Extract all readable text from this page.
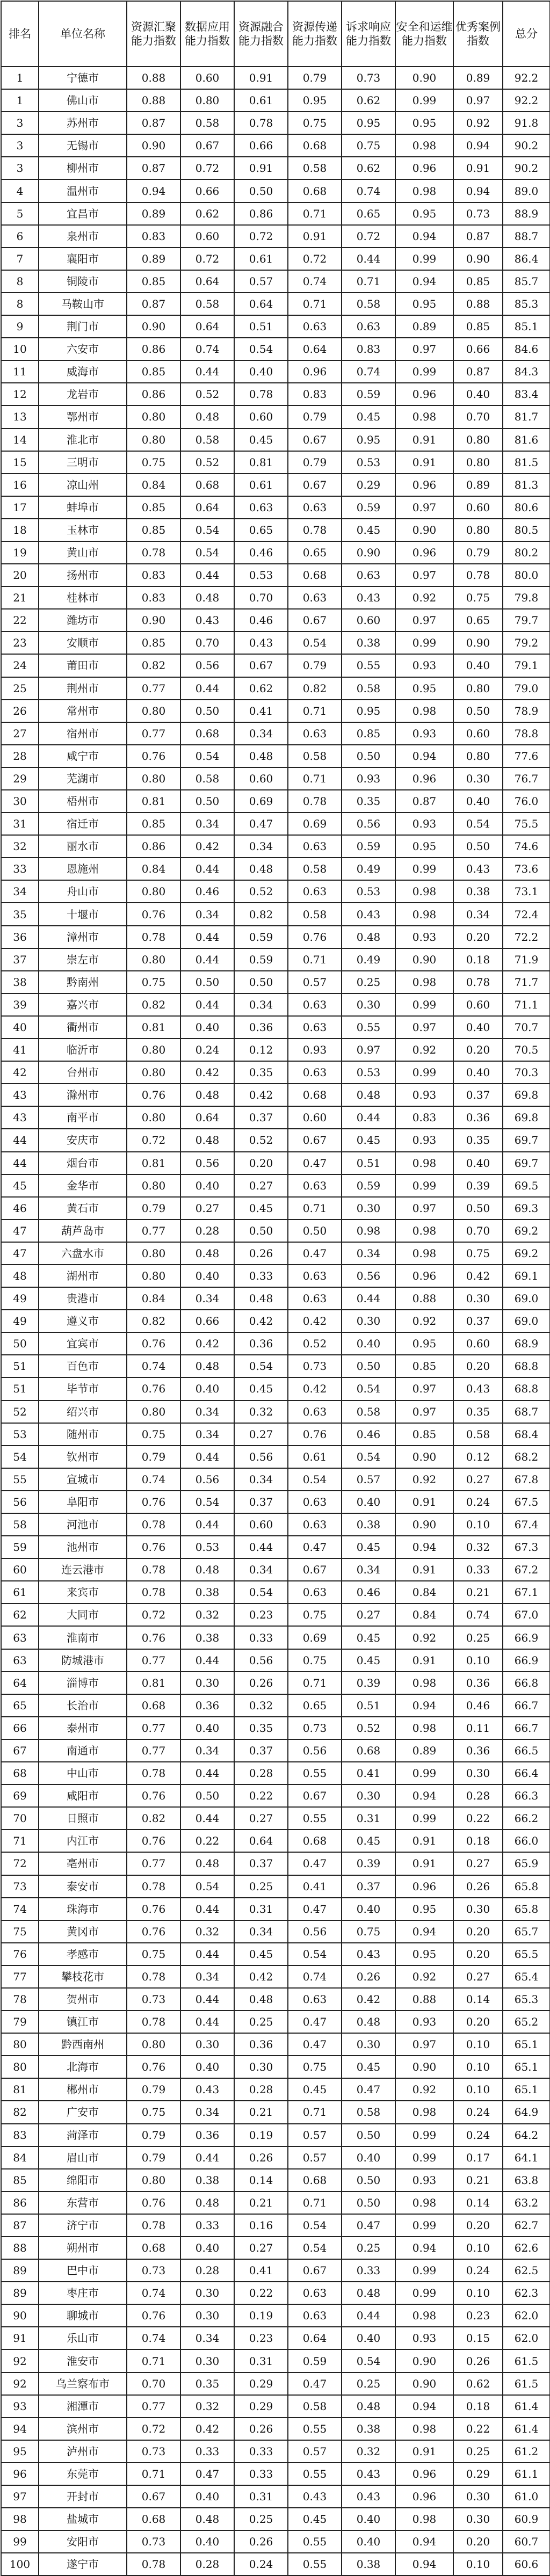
排名	单位名称	资源汇聚能力指数	数据应用能力指数	资源融合能力指数	资源传递能力指数	诉求响应能力指数	安全和运维能力指数	优秀案例指数	总分
1	宁德市	0.88	0.60	0.91	0.79	0.73	0.90	0.89	92.2
1	佛山市	0.88	0.80	0.61	0.95	0.62	0.99	0.97	92.2
3	苏州市	0.87	0.58	0.78	0.75	0.95	0.95	0.92	91.8
3	无锡市	0.90	0.67	0.66	0.68	0.75	0.98	0.94	90.2
3	柳州市	0.87	0.72	0.91	0.58	0.62	0.96	0.91	90.2
4	温州市	0.94	0.66	0.50	0.68	0.74	0.98	0.94	89.0
5	宜昌市	0.89	0.62	0.86	0.71	0.65	0.95	0.73	88.9
6	泉州市	0.83	0.60	0.72	0.91	0.72	0.94	0.87	88.7
7	襄阳市	0.89	0.72	0.61	0.72	0.44	0.99	0.90	86.4
8	铜陵市	0.85	0.64	0.57	0.74	0.71	0.94	0.85	85.7
8	马鞍山市	0.87	0.58	0.64	0.71	0.58	0.95	0.88	85.3
9	荆门市	0.90	0.64	0.51	0.63	0.63	0.89	0.85	85.1
10	六安市	0.86	0.74	0.54	0.64	0.83	0.97	0.66	84.6
11	威海市	0.85	0.44	0.40	0.96	0.74	0.99	0.87	84.3
12	龙岩市	0.86	0.52	0.78	0.83	0.59	0.96	0.40	83.4
13	鄂州市	0.80	0.48	0.60	0.79	0.45	0.98	0.70	81.7
14	淮北市	0.80	0.58	0.45	0.67	0.95	0.91	0.80	81.6
15	三明市	0.75	0.52	0.81	0.79	0.53	0.91	0.80	81.5
16	凉山州	0.84	0.68	0.61	0.67	0.29	0.96	0.89	81.3
17	蚌埠市	0.85	0.64	0.63	0.63	0.59	0.97	0.60	80.6
18	玉林市	0.85	0.54	0.65	0.78	0.45	0.90	0.80	80.5
19	黄山市	0.78	0.54	0.46	0.65	0.90	0.96	0.79	80.2
20	扬州市	0.83	0.44	0.53	0.68	0.63	0.97	0.78	80.0
21	桂林市	0.83	0.48	0.70	0.63	0.43	0.92	0.75	79.8
22	潍坊市	0.90	0.43	0.46	0.67	0.60	0.97	0.65	79.7
23	安顺市	0.85	0.70	0.43	0.54	0.38	0.99	0.90	79.2
24	莆田市	0.82	0.56	0.67	0.79	0.55	0.93	0.40	79.1
25	荆州市	0.77	0.44	0.62	0.82	0.58	0.95	0.80	79.0
26	常州市	0.80	0.50	0.41	0.71	0.95	0.98	0.50	78.9
27	宿州市	0.77	0.68	0.34	0.63	0.85	0.93	0.60	78.8
28	咸宁市	0.76	0.54	0.48	0.58	0.50	0.94	0.80	77.6
29	芜湖市	0.80	0.58	0.60	0.71	0.93	0.96	0.30	76.7
30	梧州市	0.81	0.50	0.69	0.78	0.35	0.87	0.40	76.0
31	宿迁市	0.85	0.34	0.47	0.69	0.56	0.93	0.54	75.5
32	丽水市	0.86	0.42	0.34	0.63	0.59	0.95	0.50	74.6
33	恩施州	0.84	0.44	0.48	0.58	0.49	0.99	0.43	73.6
34	舟山市	0.80	0.46	0.52	0.63	0.53	0.98	0.38	73.1
35	十堰市	0.76	0.34	0.82	0.58	0.43	0.98	0.34	72.4
36	漳州市	0.78	0.44	0.59	0.76	0.48	0.93	0.20	72.2
37	崇左市	0.80	0.44	0.59	0.71	0.49	0.90	0.18	71.9
38	黔南州	0.75	0.50	0.50	0.57	0.25	0.98	0.78	71.7
39	嘉兴市	0.82	0.44	0.34	0.63	0.30	0.99	0.60	71.1
40	衢州市	0.81	0.40	0.36	0.63	0.55	0.97	0.40	70.7
41	临沂市	0.80	0.24	0.12	0.93	0.97	0.92	0.20	70.5
42	台州市	0.80	0.42	0.35	0.63	0.53	0.99	0.40	70.3
43	滁州市	0.76	0.48	0.42	0.68	0.48	0.93	0.37	69.8
43	南平市	0.80	0.64	0.37	0.60	0.44	0.83	0.36	69.8
44	安庆市	0.72	0.48	0.52	0.67	0.45	0.93	0.35	69.7
44	烟台市	0.81	0.56	0.20	0.47	0.51	0.98	0.40	69.7
45	金华市	0.80	0.40	0.27	0.63	0.59	0.99	0.39	69.5
46	黄石市	0.79	0.27	0.45	0.71	0.30	0.97	0.50	69.3
47	葫芦岛市	0.77	0.28	0.50	0.50	0.98	0.98	0.70	69.2
47	六盘水市	0.80	0.48	0.26	0.47	0.34	0.98	0.75	69.2
48	湖州市	0.80	0.40	0.33	0.63	0.56	0.96	0.42	69.1
49	贵港市	0.84	0.34	0.48	0.63	0.44	0.88	0.30	69.0
49	遵义市	0.82	0.66	0.42	0.42	0.30	0.92	0.37	69.0
50	宜宾市	0.76	0.42	0.36	0.52	0.40	0.95	0.60	68.9
51	百色市	0.74	0.48	0.54	0.73	0.50	0.85	0.20	68.8
51	毕节市	0.76	0.40	0.45	0.42	0.54	0.97	0.43	68.8
52	绍兴市	0.80	0.34	0.32	0.63	0.58	0.97	0.35	68.7
53	随州市	0.75	0.34	0.27	0.76	0.46	0.85	0.58	68.4
54	钦州市	0.79	0.44	0.56	0.61	0.54	0.90	0.12	68.2
55	宣城市	0.74	0.56	0.34	0.54	0.57	0.92	0.27	67.8
56	阜阳市	0.76	0.54	0.37	0.63	0.40	0.91	0.24	67.5
58	河池市	0.78	0.44	0.60	0.63	0.38	0.90	0.10	67.4
59	池州市	0.76	0.53	0.44	0.47	0.45	0.94	0.32	67.3
60	连云港市	0.78	0.48	0.34	0.67	0.34	0.91	0.33	67.2
61	来宾市	0.78	0.38	0.54	0.63	0.46	0.84	0.21	67.1
62	大同市	0.72	0.32	0.23	0.75	0.27	0.84	0.74	67.0
63	淮南市	0.76	0.38	0.33	0.69	0.45	0.92	0.25	66.9
63	防城港市	0.77	0.44	0.56	0.75	0.45	0.91	0.10	66.9
64	淄博市	0.81	0.30	0.26	0.71	0.39	0.98	0.36	66.8
65	长治市	0.68	0.36	0.32	0.65	0.51	0.94	0.46	66.7
66	泰州市	0.77	0.40	0.35	0.73	0.52	0.98	0.11	66.7
67	南通市	0.77	0.34	0.37	0.56	0.68	0.89	0.36	66.5
68	中山市	0.78	0.44	0.28	0.55	0.41	0.99	0.30	66.4
69	咸阳市	0.76	0.50	0.22	0.67	0.30	0.94	0.28	66.3
70	日照市	0.82	0.44	0.27	0.55	0.31	0.99	0.22	66.2
71	内江市	0.76	0.22	0.64	0.68	0.45	0.91	0.18	66.0
72	亳州市	0.77	0.48	0.37	0.47	0.39	0.91	0.27	65.9
73	泰安市	0.78	0.54	0.25	0.41	0.37	0.96	0.26	65.8
74	珠海市	0.76	0.44	0.31	0.47	0.40	0.95	0.30	65.8
75	黄冈市	0.76	0.32	0.34	0.56	0.75	0.94	0.20	65.7
76	孝感市	0.75	0.44	0.45	0.54	0.43	0.95	0.20	65.5
77	攀枝花市	0.78	0.34	0.42	0.74	0.26	0.92	0.27	65.4
78	贺州市	0.73	0.44	0.48	0.63	0.42	0.88	0.14	65.3
79	镇江市	0.78	0.44	0.25	0.47	0.48	0.93	0.20	65.2
80	黔西南州	0.80	0.30	0.36	0.47	0.30	0.97	0.10	65.1
80	北海市	0.76	0.40	0.30	0.75	0.45	0.90	0.10	65.1
81	郴州市	0.79	0.43	0.28	0.45	0.47	0.92	0.10	65.1
82	广安市	0.75	0.34	0.21	0.71	0.58	0.98	0.24	64.9
83	菏泽市	0.79	0.36	0.19	0.57	0.50	0.99	0.24	64.2
84	眉山市	0.79	0.44	0.26	0.57	0.40	0.99	0.17	64.1
85	绵阳市	0.80	0.38	0.14	0.68	0.50	0.93	0.21	63.8
86	东营市	0.76	0.48	0.21	0.71	0.50	0.98	0.14	63.2
87	济宁市	0.78	0.33	0.16	0.54	0.47	0.99	0.20	62.7
88	朔州市	0.68	0.40	0.27	0.54	0.25	0.94	0.10	62.6
89	巴中市	0.73	0.28	0.41	0.67	0.33	0.99	0.24	62.5
89	枣庄市	0.74	0.30	0.22	0.63	0.48	0.99	0.10	62.3
90	聊城市	0.76	0.30	0.19	0.63	0.44	0.98	0.23	62.0
91	乐山市	0.74	0.34	0.23	0.64	0.40	0.93	0.15	62.0
92	淮安市	0.71	0.30	0.31	0.59	0.54	0.90	0.26	61.5
92	乌兰察布市	0.70	0.35	0.29	0.47	0.25	0.90	0.62	61.5
93	湘潭市	0.77	0.32	0.29	0.58	0.48	0.94	0.18	61.4
94	滨州市	0.72	0.42	0.26	0.55	0.38	0.98	0.22	61.4
95	泸州市	0.73	0.33	0.33	0.57	0.32	0.91	0.25	61.2
96	东莞市	0.71	0.47	0.33	0.55	0.43	0.96	0.29	61.1
97	开封市	0.67	0.40	0.31	0.43	0.43	0.96	0.30	61.0
98	盐城市	0.68	0.48	0.25	0.45	0.40	0.98	0.30	60.9
99	安阳市	0.73	0.40	0.26	0.55	0.40	0.94	0.20	60.7
100	遂宁市	0.78	0.28	0.24	0.55	0.38	0.94	0.10	60.6
